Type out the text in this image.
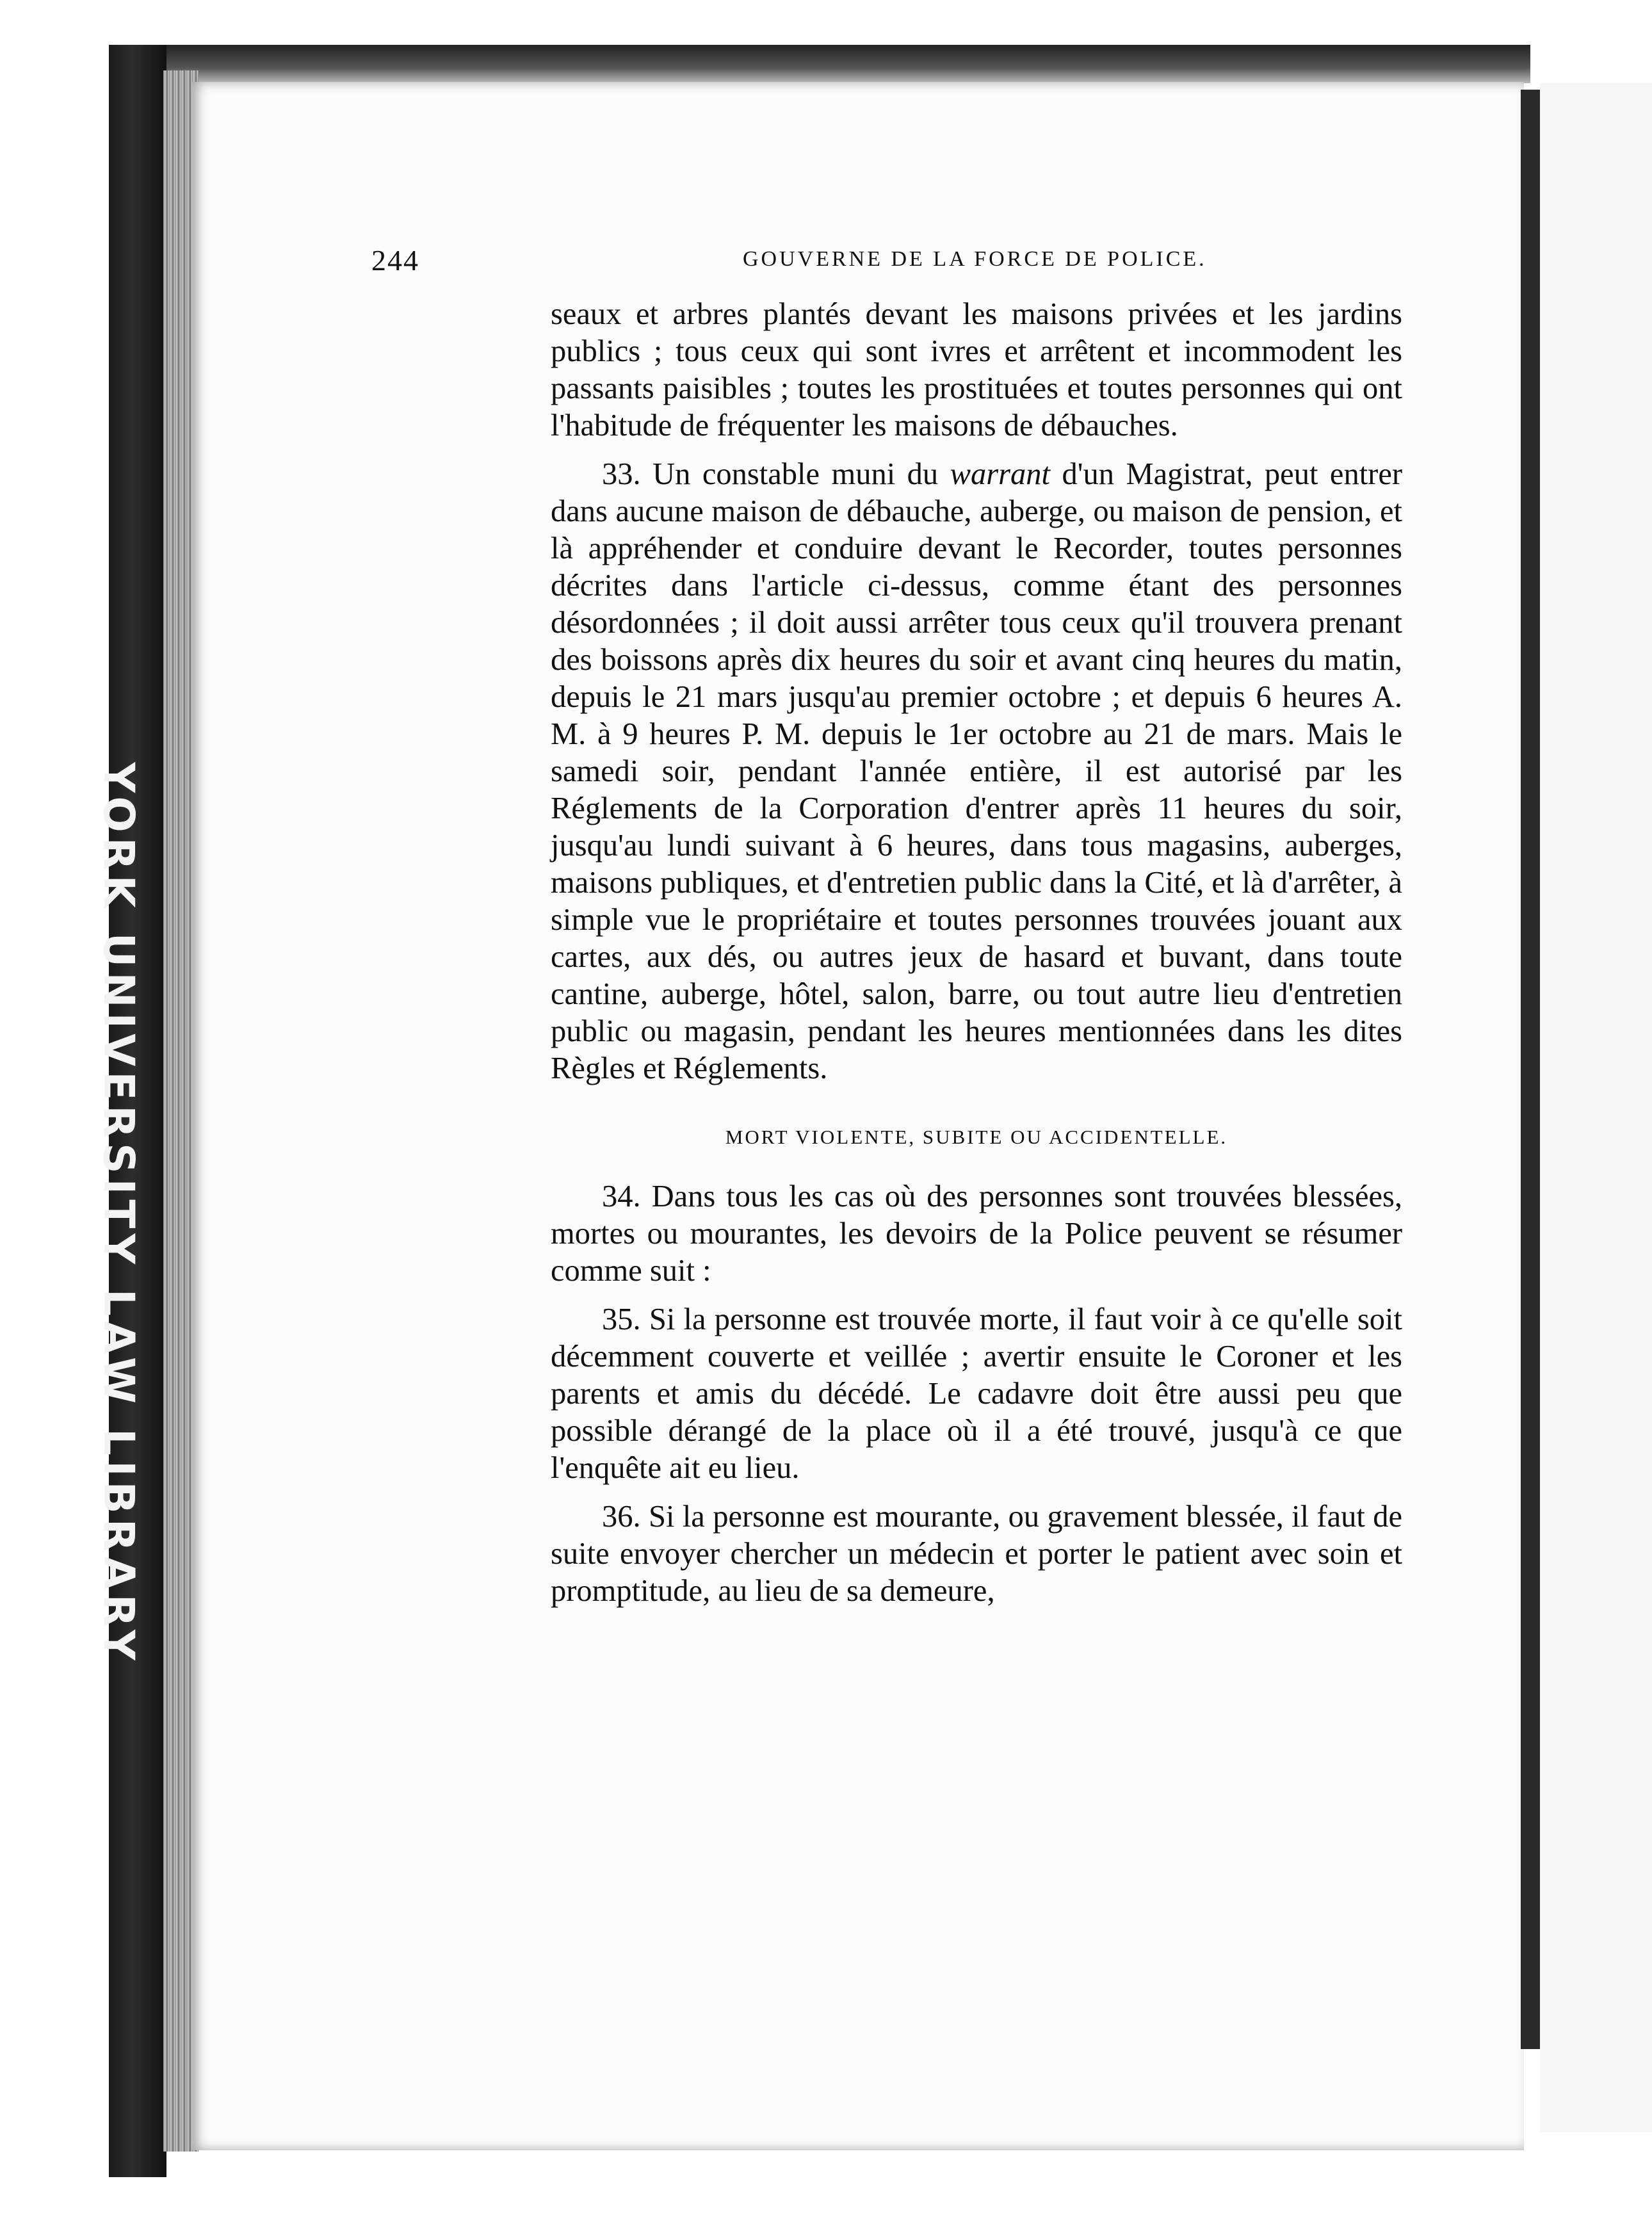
YORK UNIVERSITY LAW LIBRARY
244	GOUVERNE DE LA FORCE DE POLICE.

seaux et arbres plantés devant les maisons privées et les jardins publics ; tous ceux qui sont ivres et arrêtent et incommodent les passants paisibles ; toutes les prostituées et toutes personnes qui ont l'habitude de fréquenter les maisons de débauches.

33. Un constable muni du warrant d'un Magistrat, peut entrer dans aucune maison de débauche, auberge, ou maison de pension, et là appréhender et conduire devant le Recorder, toutes personnes décrites dans l'article ci-dessus, comme étant des personnes désordonnées ; il doit aussi arrêter tous ceux qu'il trouvera prenant des boissons après dix heures du soir et avant cinq heures du matin, depuis le 21 mars jusqu'au premier octobre ; et depuis 6 heures A. M. à 9 heures P. M. depuis le 1er octobre au 21 de mars. Mais le samedi soir, pendant l'année entière, il est autorisé par les Réglements de la Corporation d'entrer après 11 heures du soir, jusqu'au lundi suivant à 6 heures, dans tous magasins, auberges, maisons publiques, et d'entretien public dans la Cité, et là d'arrêter, à simple vue le propriétaire et toutes personnes trouvées jouant aux cartes, aux dés, ou autres jeux de hasard et buvant, dans toute cantine, auberge, hôtel, salon, barre, ou tout autre lieu d'entretien public ou magasin, pendant les heures mentionnées dans les dites Règles et Réglements.

MORT VIOLENTE, SUBITE OU ACCIDENTELLE.

34. Dans tous les cas où des personnes sont trouvées blessées, mortes ou mourantes, les devoirs de la Police peuvent se résumer comme suit :

35. Si la personne est trouvée morte, il faut voir à ce qu'elle soit décemment couverte et veillée ; avertir ensuite le Coroner et les parents et amis du décédé. Le cadavre doit être aussi peu que possible dérangé de la place où il a été trouvé, jusqu'à ce que l'enquête ait eu lieu.

36. Si la personne est mourante, ou gravement blessée, il faut de suite envoyer chercher un médecin et porter le patient avec soin et promptitude, au lieu de sa demeure,
